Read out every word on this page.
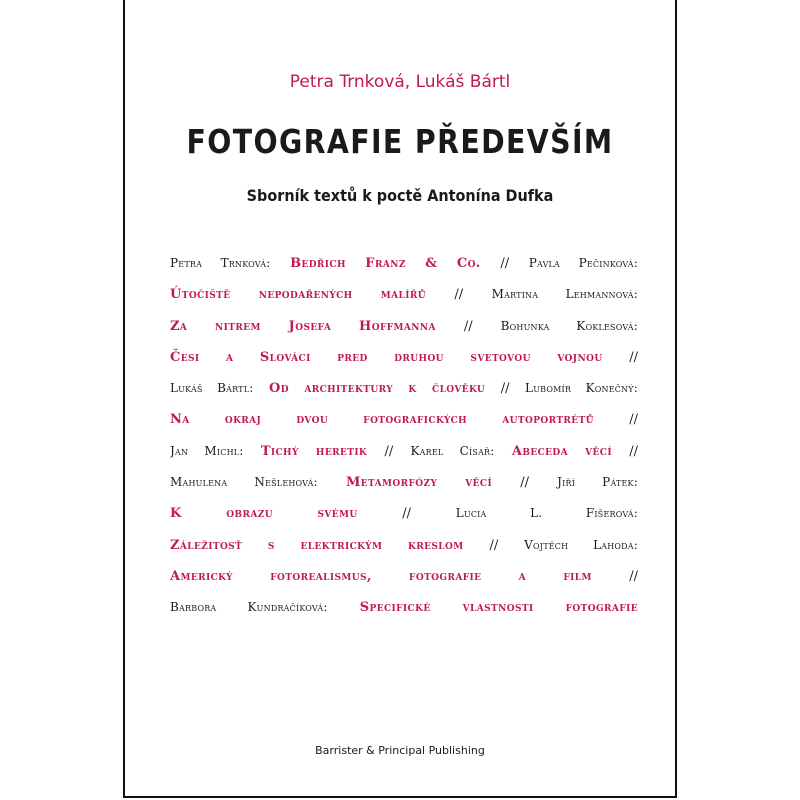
Petra Trnková, Lukáš Bártl
FOTOGRAFIE PŘEDEVŠÍM
Sborník textů k poctě Antonína Dufka
Petra Trnková: Bedřich Franz & Co. // Pavla Pečinková:
Útočiště nepodařených malířů // Martina Lehmannová:
Za nitrem Josefa Hoffmanna // Bohunka Koklesová:
Česi a Slováci pred druhou svetovou vojnou //
Lukáš Bártl: Od architektury k člověku // Lubomír Konečný:
Na okraj dvou fotografických autoportrétů	//
Jan Michl: Tichý heretik // Karel Císař: Abeceda věcí //
Mahulena Nešlehová: Metamorfózy věcí // Jiří Pátek:
K obrazu svému	//	Lucia L. Fišerová:
Záležitosť s elektrickým kreslom // Vojtěch Lahoda:
Americký fotorealismus, fotografie a film	//
Barbora Kundračíková: Specifické vlastnosti fotografie
Barrister & Principal Publishing
